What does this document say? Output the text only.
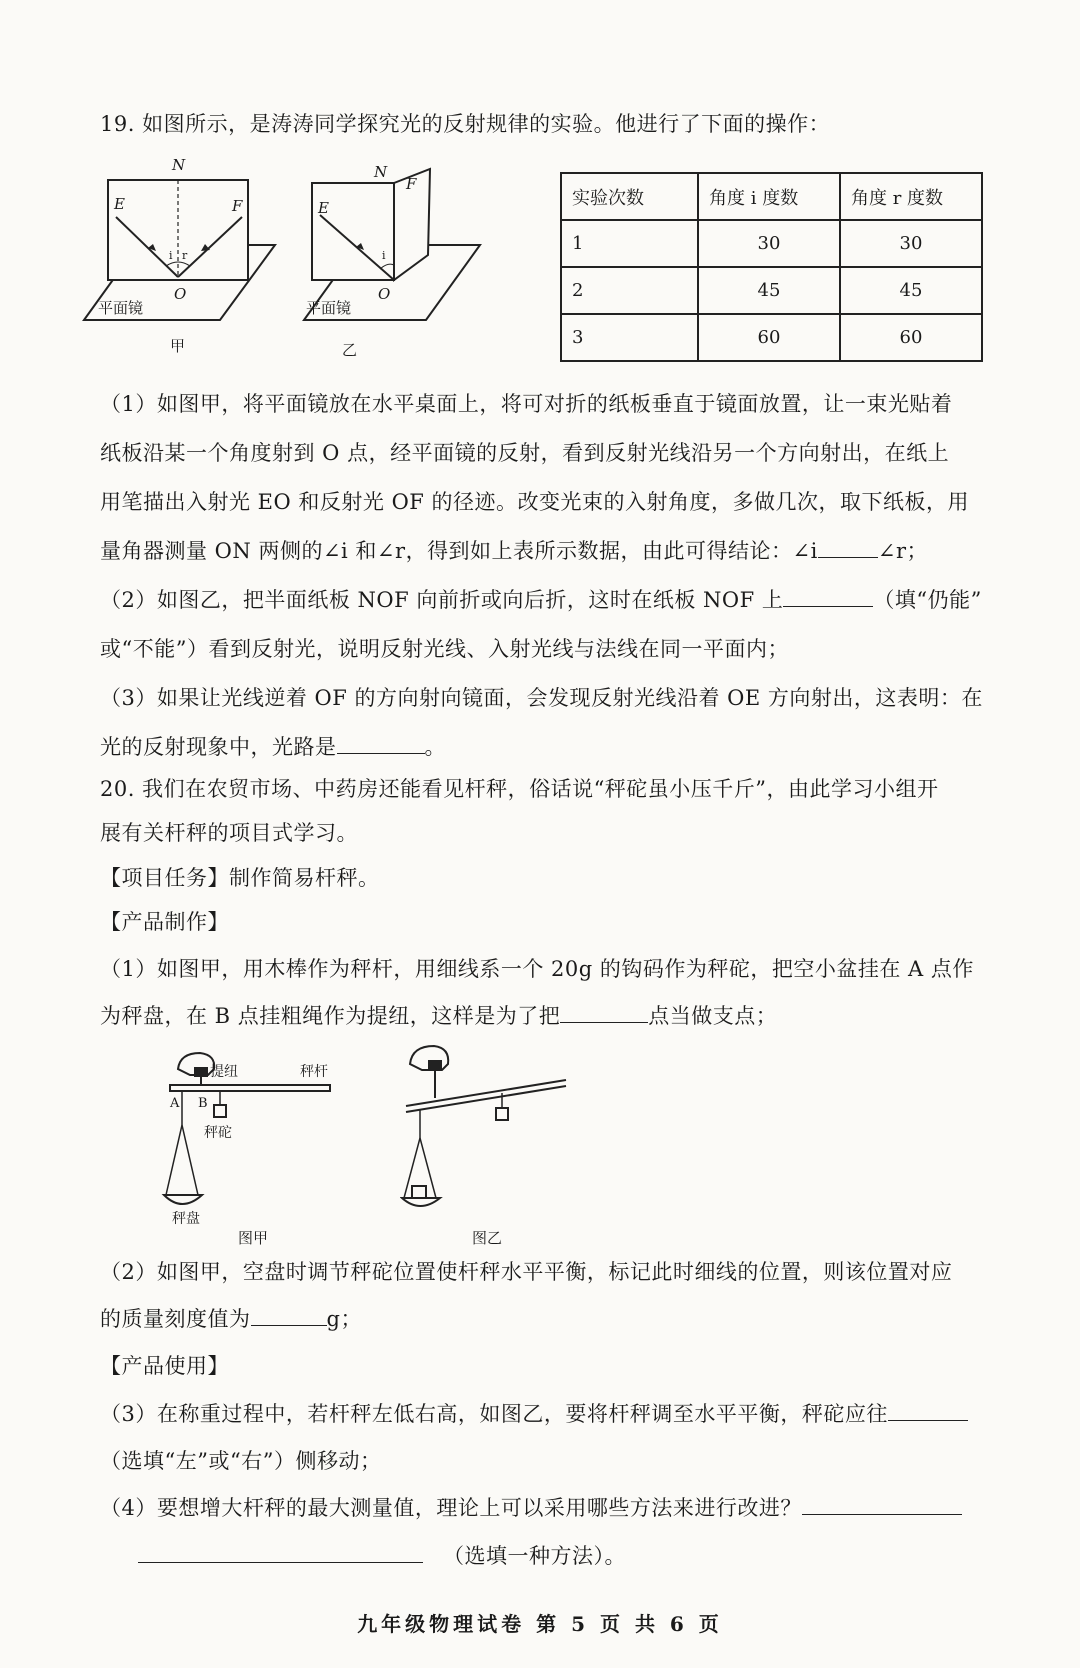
19. 如图所示，是涛涛同学探究光的反射规律的实验。他进行了下面的操作：
N
E	F
i r
O
平面镜
甲
N
F
E
i
O
平面镜
乙
实验次数	角度 i 度数	角度 r 度数
1	30	30
2	45	45
3	60	60
（1）如图甲，将平面镜放在水平桌面上，将可对折的纸板垂直于镜面放置，让一束光贴着
纸板沿某一个角度射到 O 点，经平面镜的反射，看到反射光线沿另一个方向射出，在纸上
用笔描出入射光 EO 和反射光 OF 的径迹。改变光束的入射角度，多做几次，取下纸板，用
量角器测量 ON 两侧的∠i 和∠r，得到如上表所示数据，由此可得结论：∠i	∠r；
（2）如图乙，把半面纸板 NOF 向前折或向后折，这时在纸板 NOF 上	（填“仍能”
或“不能”）看到反射光，说明反射光线、入射光线与法线在同一平面内；
（3）如果让光线逆着 OF 的方向射向镜面，会发现反射光线沿着 OE 方向射出，这表明：在
光的反射现象中，光路是	。
20. 我们在农贸市场、中药房还能看见杆秤，俗话说“秤砣虽小压千斤”，由此学习小组开
展有关杆秤的项目式学习。
【项目任务】制作简易杆秤。
【产品制作】
（1）如图甲，用木棒作为秤杆，用细线系一个 20g 的钩码作为秤砣，把空小盆挂在 A 点作
为秤盘，在 B 点挂粗绳作为提纽，这样是为了把	点当做支点；
提纽	秤杆
A B
秤砣
秤盘
图甲	图乙
（2）如图甲，空盘时调节秤砣位置使杆秤水平平衡，标记此时细线的位置，则该位置对应
的质量刻度值为	g；
【产品使用】
（3）在称重过程中，若杆秤左低右高，如图乙，要将杆秤调至水平平衡，秤砣应往
（选填“左”或“右”）侧移动；
（4）要想增大杆秤的最大测量值，理论上可以采用哪些方法来进行改进？
（选填一种方法）。
九年级物理试卷 第 5 页 共 6 页
